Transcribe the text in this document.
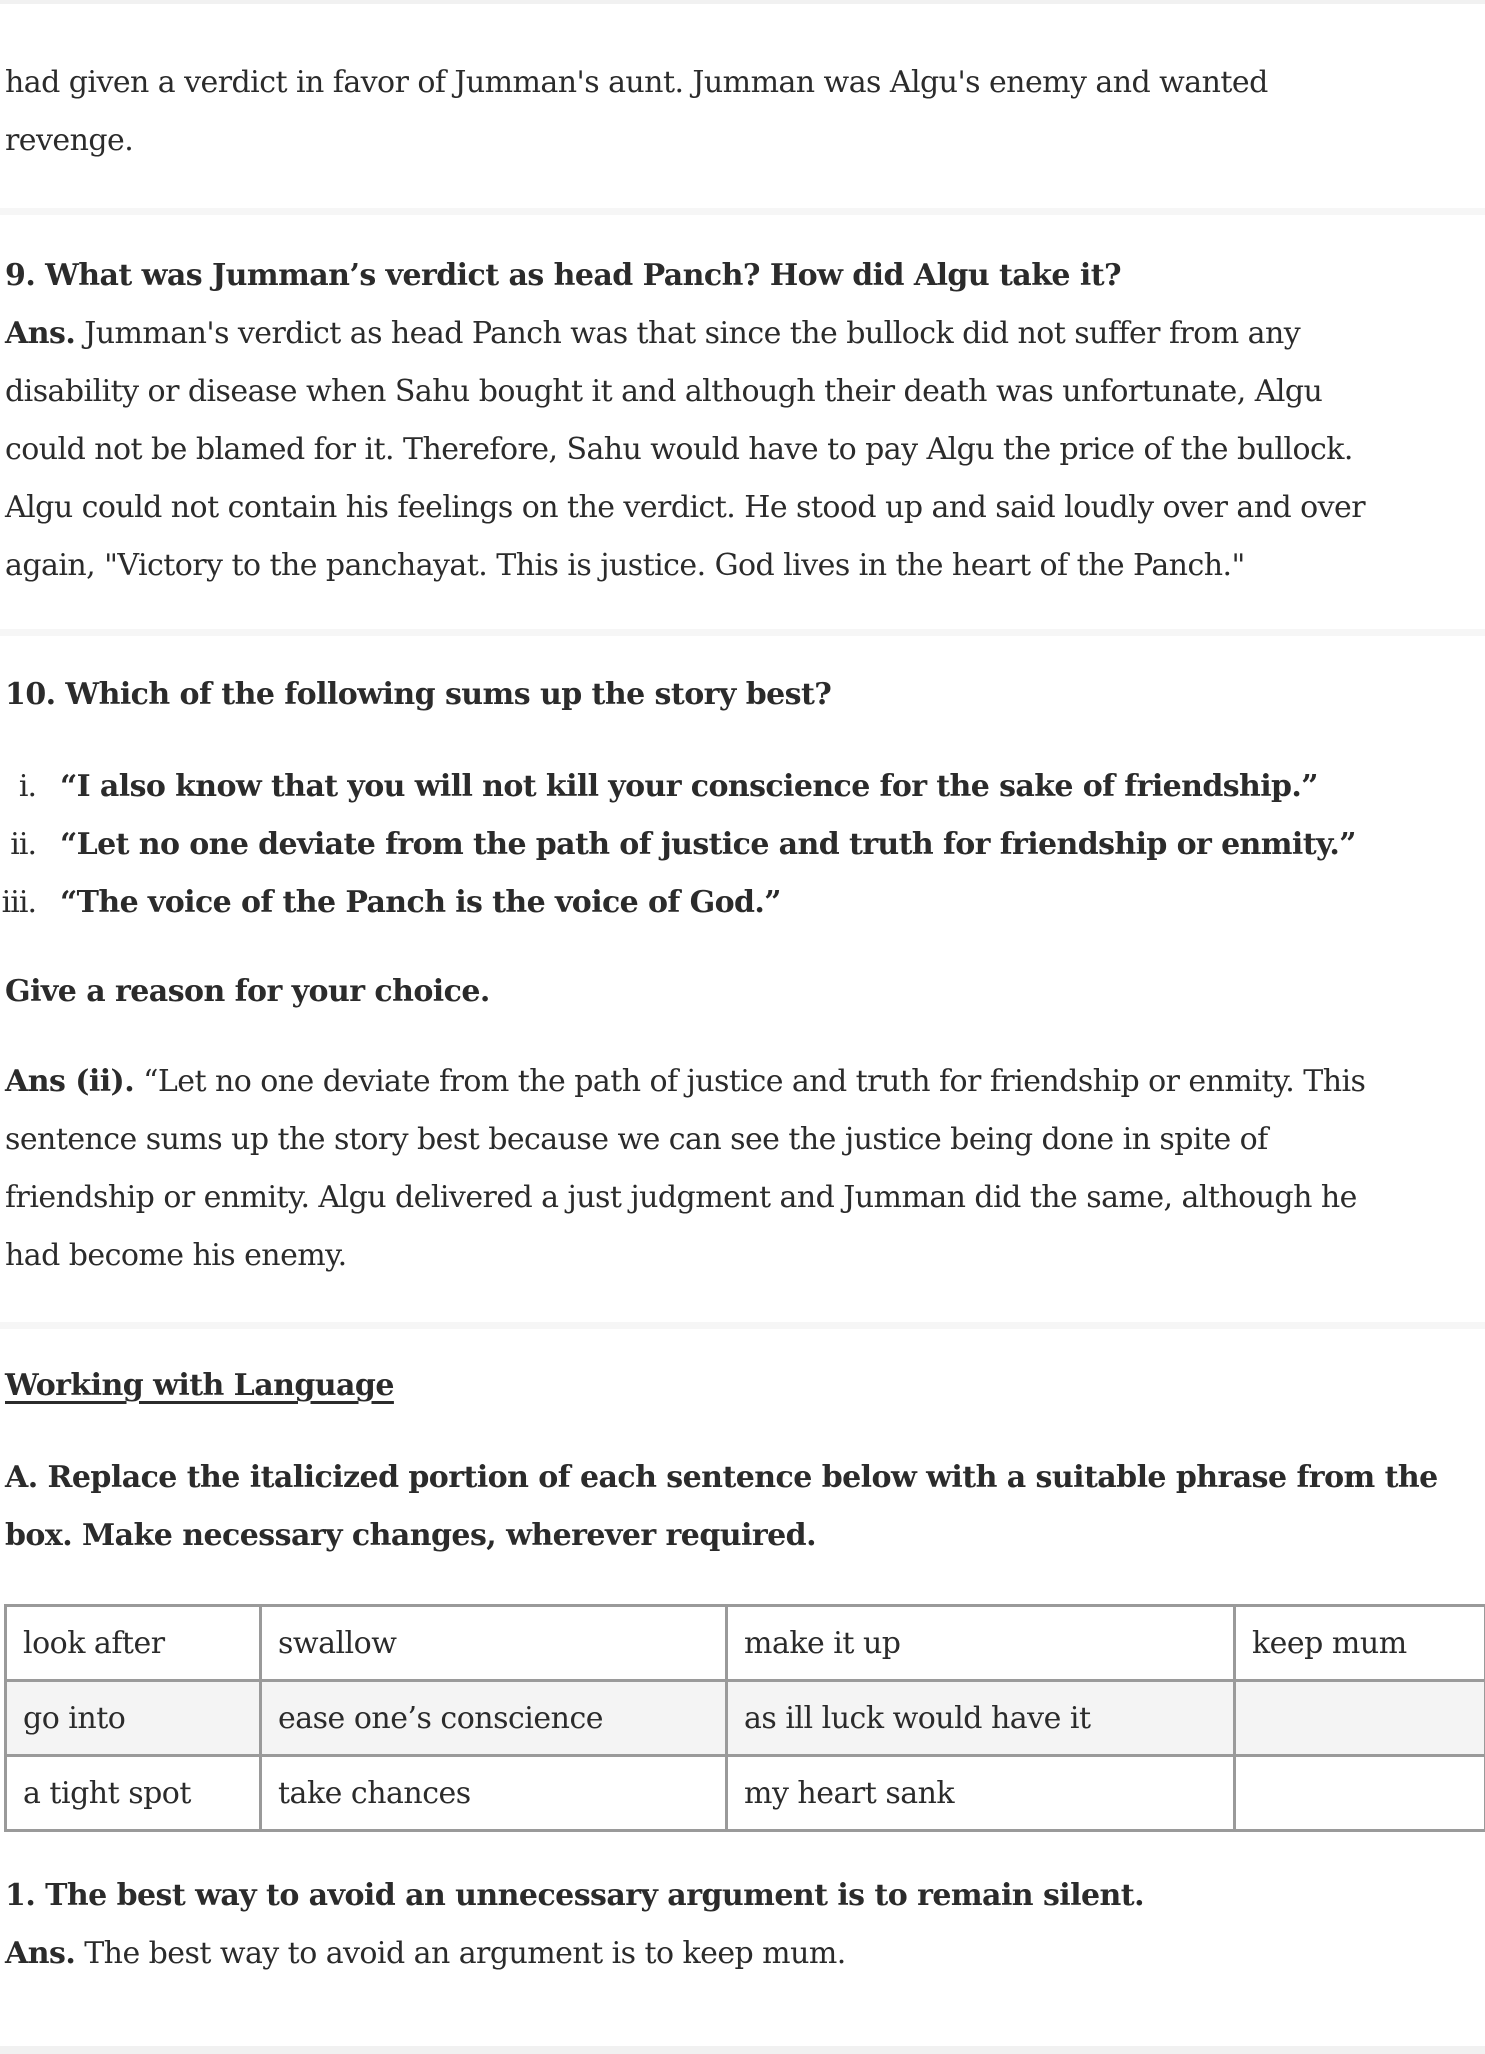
had given a verdict in favor of Jumman's aunt. Jumman was Algu's enemy and wanted
revenge.
9. What was Jumman’s verdict as head Panch? How did Algu take it?
Ans. Jumman's verdict as head Panch was that since the bullock did not suffer from any
disability or disease when Sahu bought it and although their death was unfortunate, Algu
could not be blamed for it. Therefore, Sahu would have to pay Algu the price of the bullock.
Algu could not contain his feelings on the verdict. He stood up and said loudly over and over
again, "Victory to the panchayat. This is justice. God lives in the heart of the Panch."
10. Which of the following sums up the story best?
i. “I also know that you will not kill your conscience for the sake of friendship.”
ii. “Let no one deviate from the path of justice and truth for friendship or enmity.”
iii. “The voice of the Panch is the voice of God.”
Give a reason for your choice.
Ans (ii). “Let no one deviate from the path of justice and truth for friendship or enmity. This
sentence sums up the story best because we can see the justice being done in spite of
friendship or enmity. Algu delivered a just judgment and Jumman did the same, although he
had become his enemy.
Working with Language
A. Replace the italicized portion of each sentence below with a suitable phrase from the
box. Make necessary changes, wherever required.
look after	swallow	make it up	keep mum
go into	ease one’s conscience	as ill luck would have it	
a tight spot	take chances	my heart sank	
1. The best way to avoid an unnecessary argument is to remain silent.
Ans. The best way to avoid an argument is to keep mum.
